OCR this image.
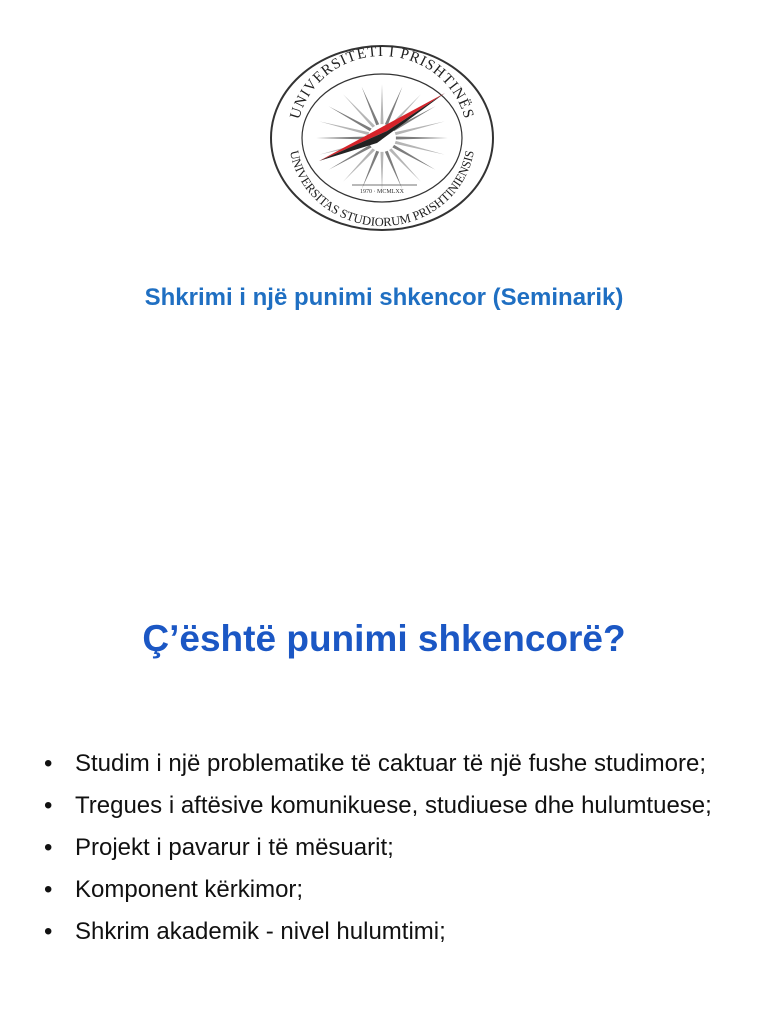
1970 · MCMLXX
UNIVERSITETI I PRISHTINËS
UNIVERSITAS STUDIORUM PRISHTINIENSIS
Shkrimi i një punimi shkencor (Seminarik)
Ç’është punimi shkencorë?
• Studim i një problematike të caktuar të një fushe studimore;
• Tregues i aftësive komunikuese, studiuese dhe hulumtuese;
• Projekt i pavarur i të mësuarit;
• Komponent kërkimor;
• Shkrim akademik - nivel hulumtimi;
